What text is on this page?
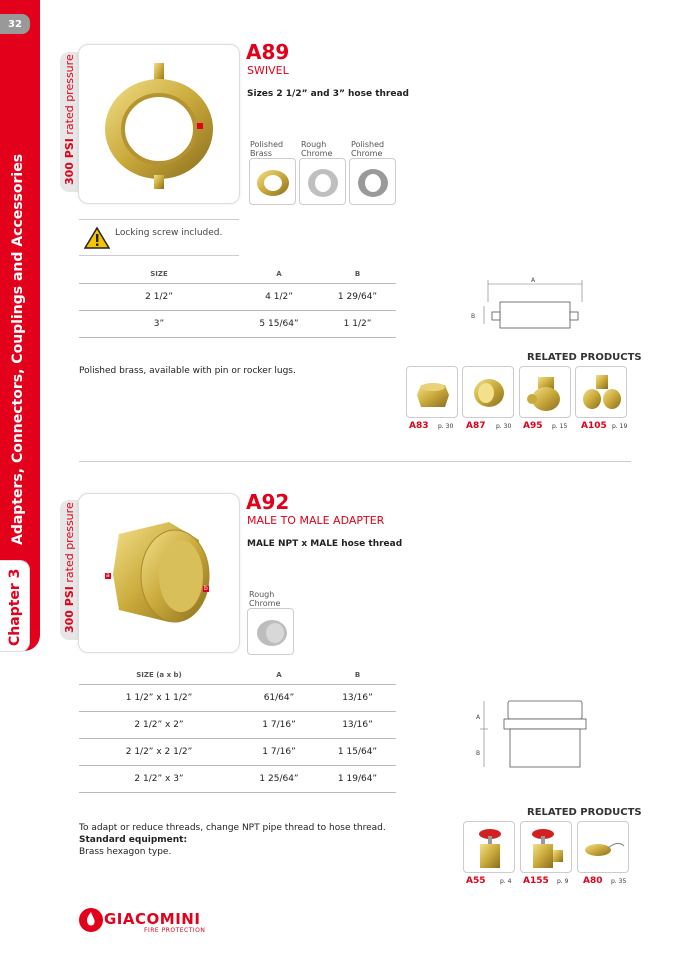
32
Adapters, Connectors, Couplings and Accessories
Chapter 3
300 PSI rated pressure
A89
SWIVEL
Sizes 2 1/2” and 3” hose thread
Polished Brass
Rough Chrome
Polished Chrome
Locking screw included.
SIZE	A	B
2 1/2”	4 1/2”	1 29/64”
3”	5 15/64”	1 1/2”
A
B
Polished brass, available with pin or rocker lugs.
RELATED PRODUCTS
A83 p. 30 A87 p. 30 A95 p. 15 A105 p. 19
300 PSI rated pressure	a
b
A92
MALE TO MALE ADAPTER
MALE NPT x MALE hose thread
Rough Chrome
SIZE (a x b)	A	B
1 1/2” x 1 1/2”	61/64”	13/16”
2 1/2” x 2”	1 7/16”	13/16”
2 1/2” x 2 1/2”	1 7/16”	1 15/64”
2 1/2” x 3”	1 25/64”	1 19/64”
A
B
To adapt or reduce threads, change NPT pipe thread to hose thread.
Standard equipment:
Brass hexagon type.
RELATED PRODUCTS
A55 p. 4 A155 p. 9 A80 p. 35
GIACOMINI
FIRE PROTECTION
